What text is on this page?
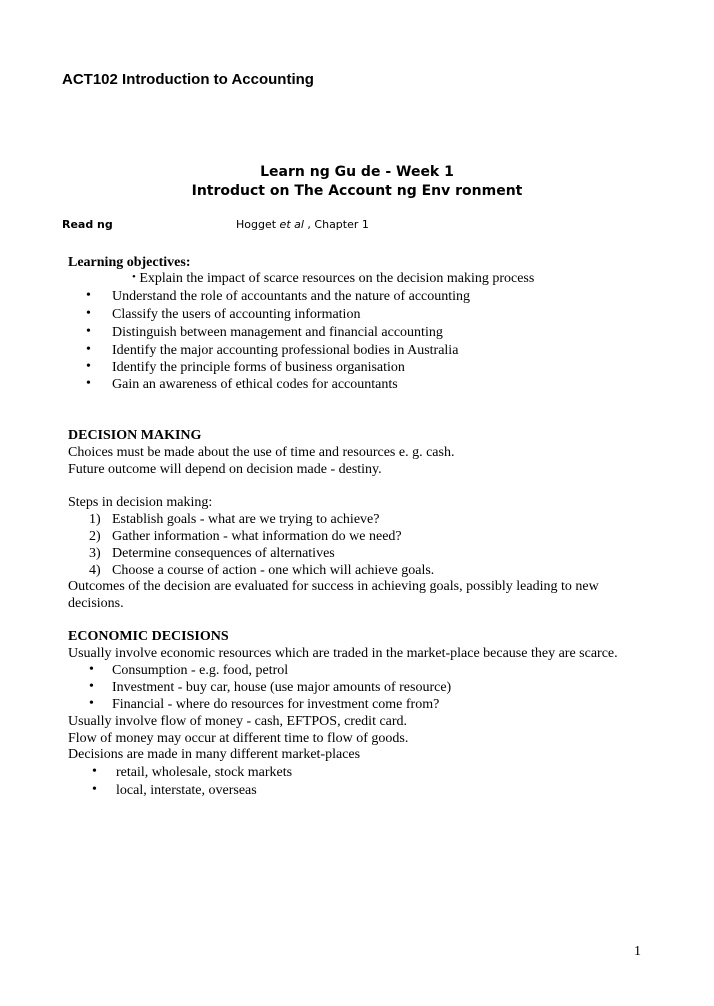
ACT102 Introduction to Accounting
Learn ng Gu de - Week 1
Introduct on The Account ng Env ronment
Read ng	Hogget et al , Chapter 1
Learning objectives:
• Explain the impact of scarce resources on the decision making process
• Understand the role of accountants and the nature of accounting
• Classify the users of accounting information
• Distinguish between management and financial accounting
• Identify the major accounting professional bodies in Australia
• Identify the principle forms of business organisation
• Gain an awareness of ethical codes for accountants
DECISION MAKING
Choices must be made about the use of time and resources e. g. cash.
Future outcome will depend on decision made - destiny.
Steps in decision making:
1) Establish goals - what are we trying to achieve?
2) Gather information - what information do we need?
3) Determine consequences of alternatives
4) Choose a course of action - one which will achieve goals.
Outcomes of the decision are evaluated for success in achieving goals, possibly leading to new
decisions.
ECONOMIC DECISIONS
Usually involve economic resources which are traded in the market-place because they are scarce.
• Consumption - e.g. food, petrol
• Investment - buy car, house (use major amounts of resource)
• Financial - where do resources for investment come from?
Usually involve flow of money - cash, EFTPOS, credit card.
Flow of money may occur at different time to flow of goods.
Decisions are made in many different market-places
• retail, wholesale, stock markets
• local, interstate, overseas
1
